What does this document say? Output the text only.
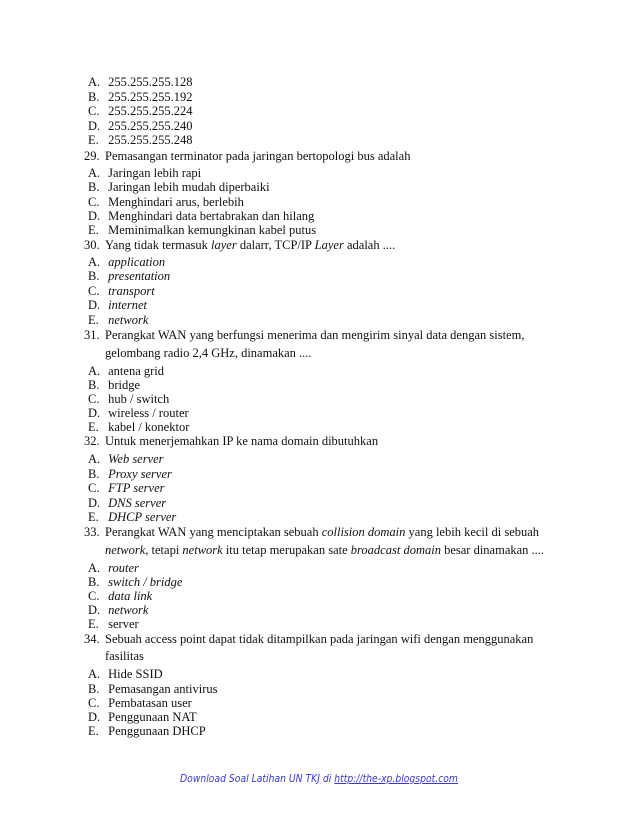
A. 255.255.255.128
B. 255.255.255.192
C. 255.255.255.224
D. 255.255.255.240
E. 255.255.255.248
29. Pemasangan terminator pada jaringan bertopologi bus adalah
A. Jaringan lebih rapi
B. Jaringan lebih mudah diperbaiki
C. Menghindari arus, berlebih
D. Menghindari data bertabrakan dan hilang
E. Meminimalkan kemungkinan kabel putus
30. Yang tidak termasuk layer dalarr, TCP/IP Layer adalah ....
A. application
B. presentation
C. transport
D. internet
E. network
31. Perangkat WAN yang berfungsi menerima dan mengirim sinyal data dengan sistem,
gelombang radio 2,4 GHz, dinamakan ....
A. antena grid
B. bridge
C. hub / switch
D. wireless / router
E. kabel / konektor
32. Untuk menerjemahkan IP ke nama domain dibutuhkan
A. Web server
B. Proxy server
C. FTP server
D. DNS server
E. DHCP server
33. Perangkat WAN yang menciptakan sebuah collision domain yang lebih kecil di sebuah
network, tetapi network itu tetap merupakan sate broadcast domain besar dinamakan ....
A. router
B. switch / bridge
C. data link
D. network
E. server
34. Sebuah access point dapat tidak ditampilkan pada jaringan wifi dengan menggunakan
fasilitas
A. Hide SSID
B. Pemasangan antivirus
C. Pembatasan user
D. Penggunaan NAT
E. Penggunaan DHCP
Download Soal Latihan UN TKJ di http://the-xp.blogspot.com
